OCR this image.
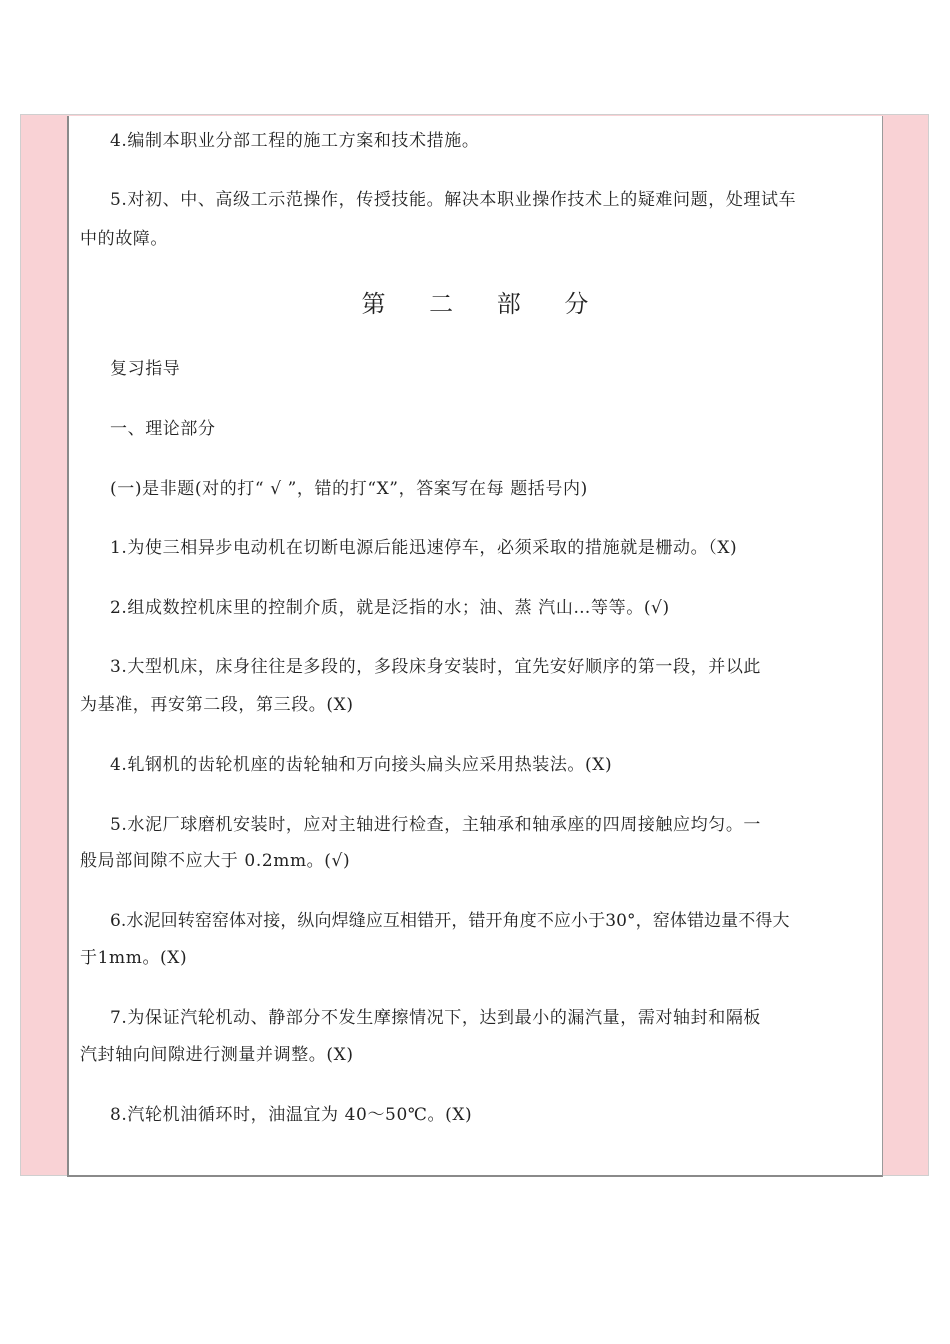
4.编制本职业分部工程的施工方案和技术措施。
5.对初、中、高级工示范操作，传授技能。解决本职业操作技术上的疑难问题，处理试车
中的故障。
第 二 部 分
复习指导
一、理论部分
(一)是非题(对的打“ √ ”，错的打“X”，答案写在每 题括号内)
1.为使三相异步电动机在切断电源后能迅速停车，必须采取的措施就是栅动。（X)
2.组成数控机床里的控制介质，就是泛指的水；油、蒸 汽山…等等。(√)
3.大型机床，床身往往是多段的，多段床身安装时，宜先安好顺序的第一段，并以此
为基准，再安第二段，第三段。(X)
4.轧钢机的齿轮机座的齿轮轴和万向接头扁头应采用热装法。(X)
5.水泥厂球磨机安装时，应对主轴进行检查，主轴承和轴承座的四周接触应均匀。一
般局部间隙不应大于 0.2mm。(√)
6.水泥回转窑窑体对接，纵向焊缝应互相错开，错开角度不应小于30°，窑体错边量不得大
于1mm。(X)
7.为保证汽轮机动、静部分不发生摩擦情况下，达到最小的漏汽量，需对轴封和隔板
汽封轴向间隙进行测量并调整。(X)
8.汽轮机油循环时，油温宜为 40～50℃。(X)
